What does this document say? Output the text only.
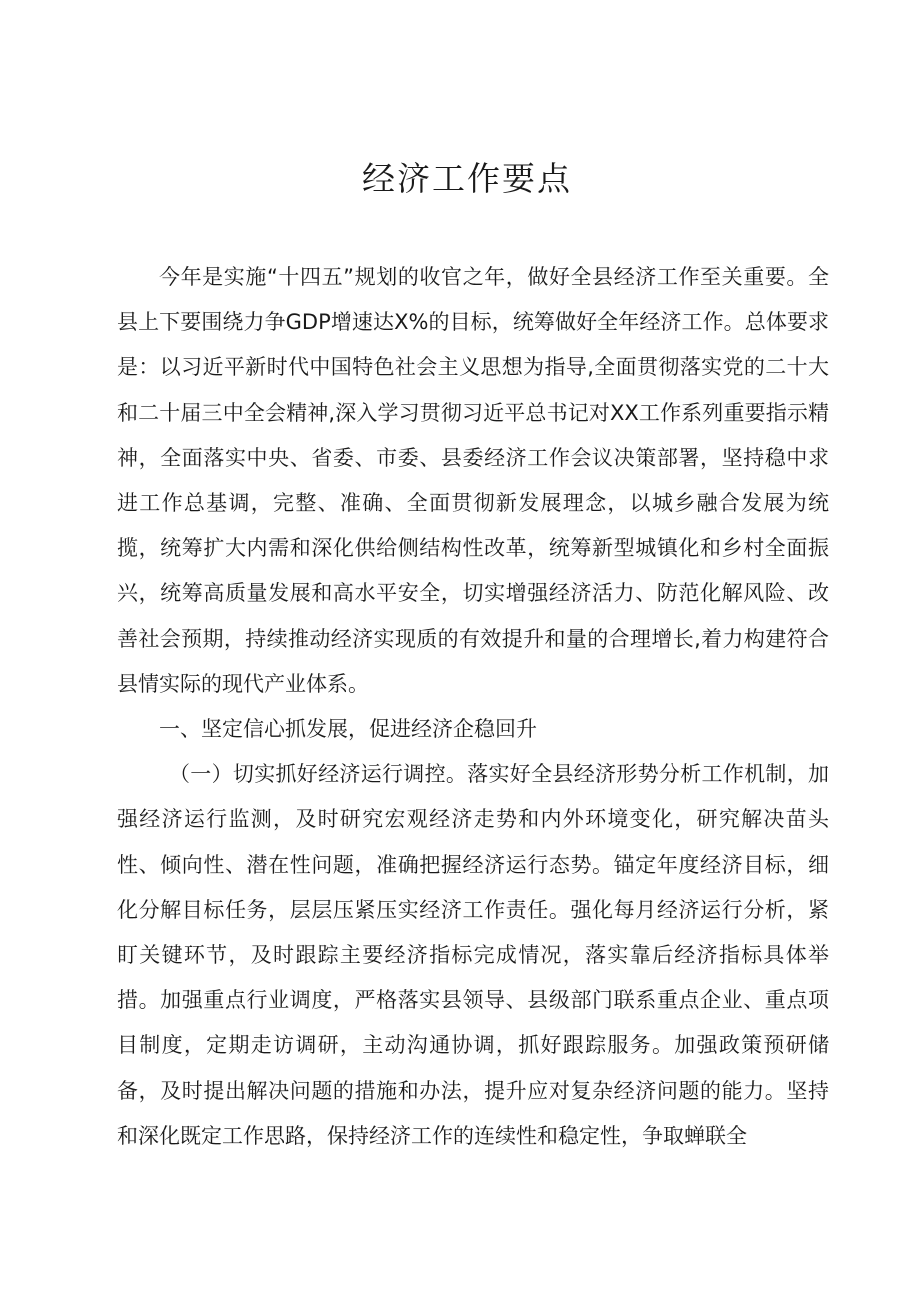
经济工作要点

今年是实施“十四五”规划的收官之年，做好全县经济工作至关重要。全县上下要围绕力争GDP增速达X%的目标，统筹做好全年经济工作。总体要求是：以习近平新时代中国特色社会主义思想为指导,全面贯彻落实党的二十大和二十届三中全会精神,深入学习贯彻习近平总书记对XX工作系列重要指示精神，全面落实中央、省委、市委、县委经济工作会议决策部署，坚持稳中求进工作总基调，完整、准确、全面贯彻新发展理念，以城乡融合发展为统揽，统筹扩大内需和深化供给侧结构性改革，统筹新型城镇化和乡村全面振兴，统筹高质量发展和高水平安全，切实增强经济活力、防范化解风险、改善社会预期，持续推动经济实现质的有效提升和量的合理增长,着力构建符合县情实际的现代产业体系。

一、坚定信心抓发展，促进经济企稳回升

（一）切实抓好经济运行调控。落实好全县经济形势分析工作机制，加强经济运行监测，及时研究宏观经济走势和内外环境变化，研究解决苗头性、倾向性、潜在性问题，准确把握经济运行态势。锚定年度经济目标，细化分解目标任务，层层压紧压实经济工作责任。强化每月经济运行分析，紧盯关键环节，及时跟踪主要经济指标完成情况，落实靠后经济指标具体举措。加强重点行业调度，严格落实县领导、县级部门联系重点企业、重点项目制度，定期走访调研，主动沟通协调，抓好跟踪服务。加强政策预研储备，及时提出解决问题的措施和办法，提升应对复杂经济问题的能力。坚持和深化既定工作思路，保持经济工作的连续性和稳定性，争取蝉联全
